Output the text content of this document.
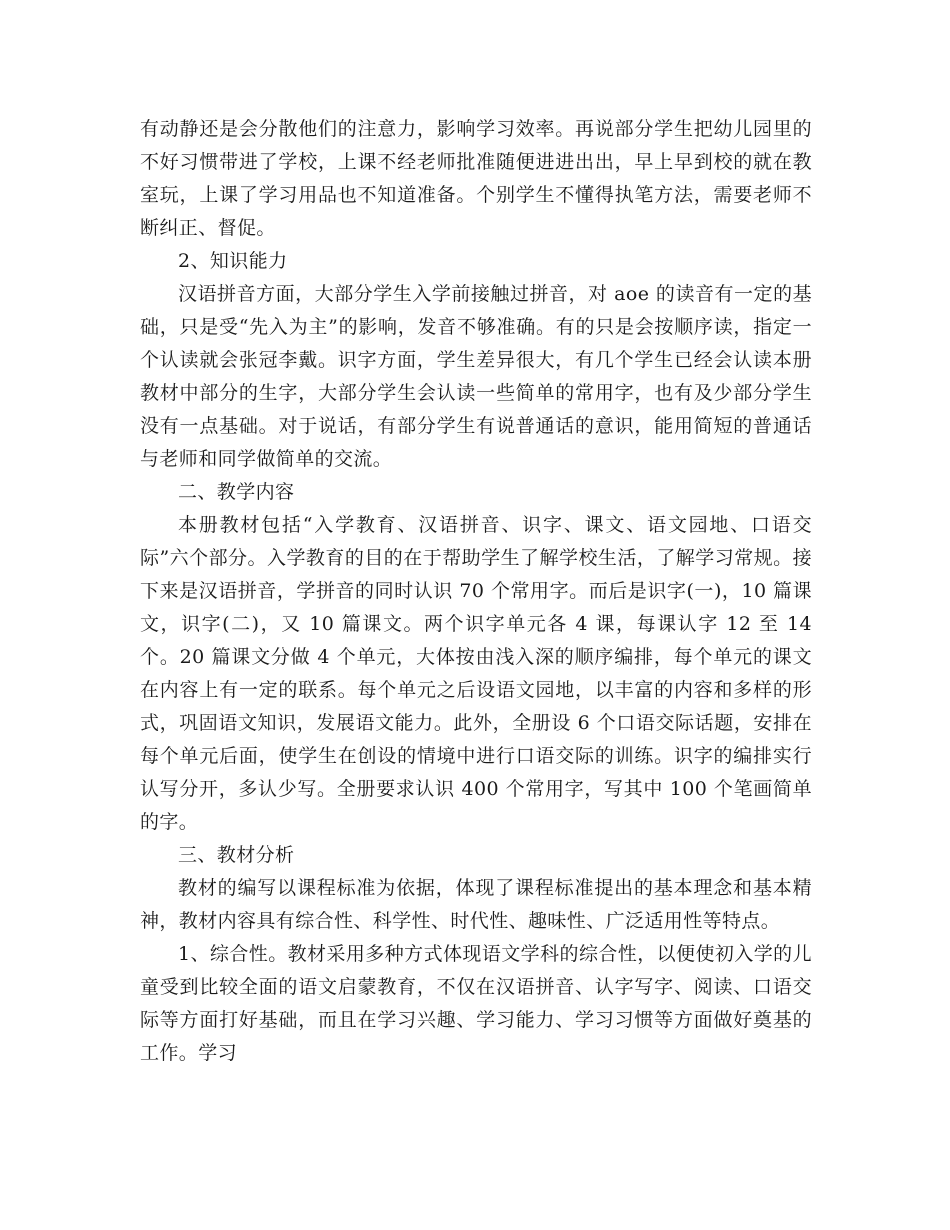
有动静还是会分散他们的注意力，影响学习效率。再说部分学生把幼儿园里的不好习惯带进了学校，上课不经老师批准随便进进出出，早上早到校的就在教室玩，上课了学习用品也不知道准备。个别学生不懂得执笔方法，需要老师不断纠正、督促。

2、知识能力

汉语拼音方面，大部分学生入学前接触过拼音，对 aoe 的读音有一定的基础，只是受“先入为主”的影响，发音不够准确。有的只是会按顺序读，指定一个认读就会张冠李戴。识字方面，学生差异很大，有几个学生已经会认读本册教材中部分的生字，大部分学生会认读一些简单的常用字，也有及少部分学生没有一点基础。对于说话，有部分学生有说普通话的意识，能用简短的普通话与老师和同学做简单的交流。

二、教学内容

本册教材包括“入学教育、汉语拼音、识字、课文、语文园地、口语交际”六个部分。入学教育的目的在于帮助学生了解学校生活，了解学习常规。接下来是汉语拼音，学拼音的同时认识 70 个常用字。而后是识字(一)，10 篇课文，识字(二)，又 10 篇课文。两个识字单元各 4 课，每课认字 12 至 14 个。20 篇课文分做 4 个单元，大体按由浅入深的顺序编排，每个单元的课文在内容上有一定的联系。每个单元之后设语文园地，以丰富的内容和多样的形式，巩固语文知识，发展语文能力。此外，全册设 6 个口语交际话题，安排在每个单元后面，使学生在创设的情境中进行口语交际的训练。识字的编排实行认写分开，多认少写。全册要求认识 400 个常用字，写其中 100 个笔画简单的字。

三、教材分析

教材的编写以课程标准为依据，体现了课程标准提出的基本理念和基本精神，教材内容具有综合性、科学性、时代性、趣味性、广泛适用性等特点。

1、综合性。教材采用多种方式体现语文学科的综合性，以便使初入学的儿童受到比较全面的语文启蒙教育，不仅在汉语拼音、认字写字、阅读、口语交际等方面打好基础，而且在学习兴趣、学习能力、学习习惯等方面做好奠基的工作。学习
